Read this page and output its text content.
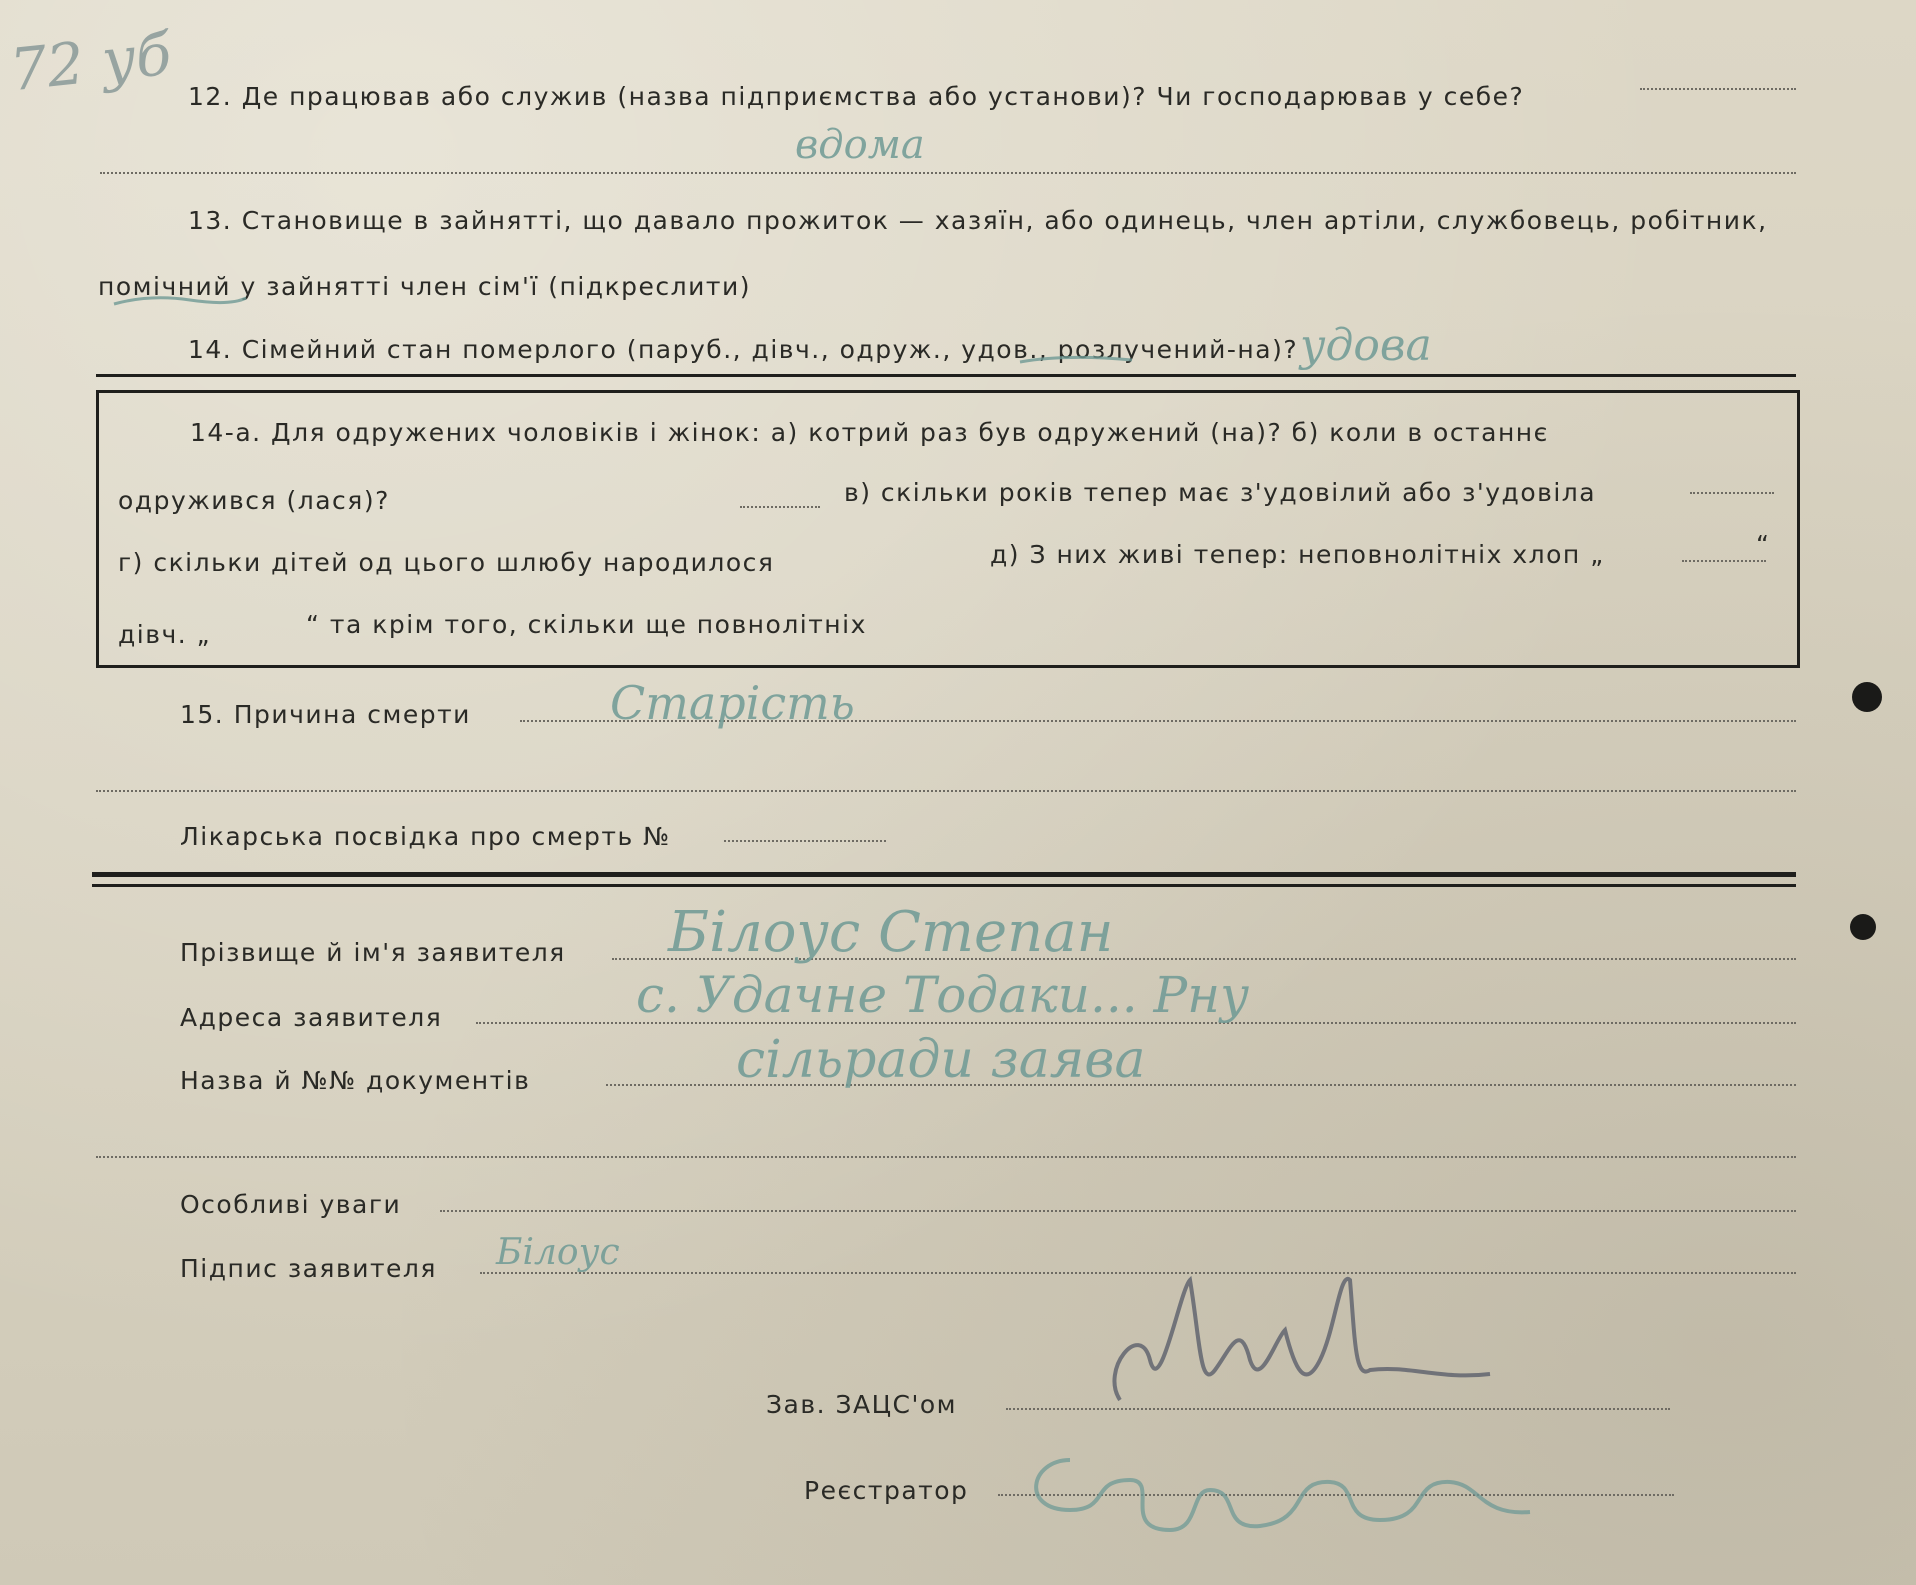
72 уб 12. Де працював або служив (назва підприємства або установи)? Чи господарював у себе?
вдома
13. Становище в зайнятті, що давало прожиток — хазяїн, або одинець, член артіли, службовець, робітник,
помічний у зайнятті член сім'ї (підкреслити)
14. Сімейний стан померлого (паруб., дівч., одруж., удов., розлучений-на)? удова
14-а. Для одружених чоловіків і жінок: а) котрий раз був одружений (на)? б) коли в останнє
одружився (лася)?	в) скільки років тепер має з'удовілий або з'удовіла
г) скільки дітей од цього шлюбу народилося	д) З них живі тепер: неповнолітніх хлоп „	“
дівч. „	“ та крім того, скільки ще повнолітніх
15. Причина смерти	Старість
Лікарська посвідка про смерть №
Прізвище й ім'я заявителя Білоус Степан
Адреса заявителя	с. Удачне Тодаки... Рну
Назва й №№ документів	сільради заява
Особливі уваги
Підпис заявителя Білоус
Зав. ЗАЦС'ом
Реєстратор
